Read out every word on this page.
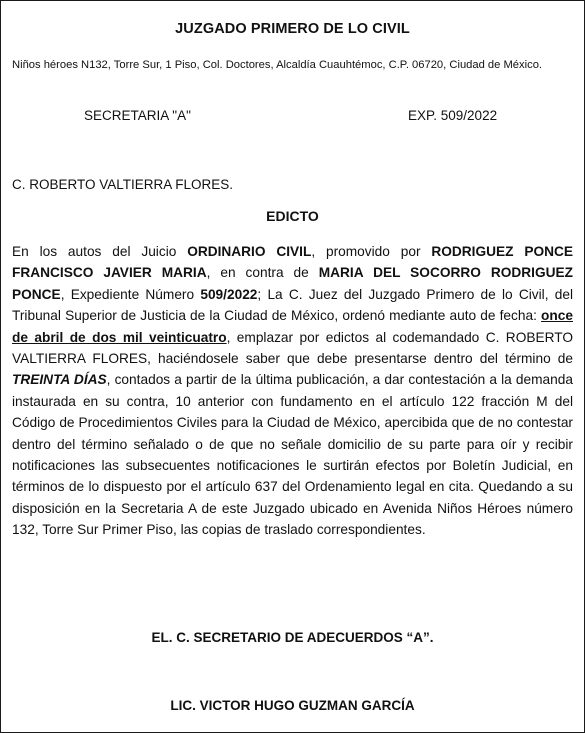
JUZGADO PRIMERO DE LO CIVIL
Niños héroes N132, Torre Sur, 1 Piso, Col. Doctores, Alcaldía Cuauhtémoc, C.P. 06720, Ciudad de México.
SECRETARIA "A"	EXP. 509/2022
C. ROBERTO VALTIERRA FLORES.
EDICTO
En los autos del Juicio ORDINARIO CIVIL, promovido por RODRIGUEZ PONCE FRANCISCO JAVIER MARIA, en contra de MARIA DEL SOCORRO RODRIGUEZ PONCE, Expediente Número 509/2022; La C. Juez del Juzgado Primero de lo Civil, del Tribunal Superior de Justicia de la Ciudad de México, ordenó mediante auto de fecha: once de abril de dos mil veinticuatro, emplazar por edictos al codemandado C. ROBERTO VALTIERRA FLORES, haciéndosele saber que debe presentarse dentro del término de TREINTA DÍAS, contados a partir de la última publicación, a dar contestación a la demanda instaurada en su contra, 10 anterior con fundamento en el artículo 122 fracción M del Código de Procedimientos Civiles para la Ciudad de México, apercibida que de no contestar dentro del término señalado o de que no señale domicilio de su parte para oír y recibir notificaciones las subsecuentes notificaciones le surtirán efectos por Boletín Judicial, en términos de lo dispuesto por el artículo 637 del Ordenamiento legal en cita. Quedando a su disposición en la Secretaria A de este Juzgado ubicado en Avenida Niños Héroes número 132, Torre Sur Primer Piso, las copias de traslado correspondientes.
EL. C. SECRETARIO DE ADECUERDOS “A”.
LIC. VICTOR HUGO GUZMAN GARCÍA
